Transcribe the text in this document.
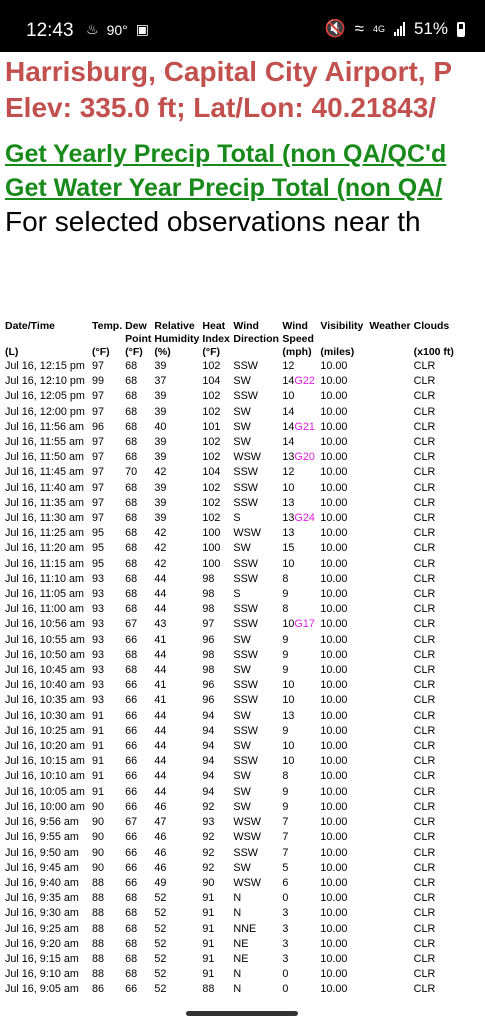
12:43 ♨ 90° ▣	🔇 ≈ 4G 51%
Harrisburg, Capital City Airport, P
Elev: 335.0 ft; Lat/Lon: 40.21843/
Get Yearly Precip Total (non QA/QC'd
Get Water Year Precip Total (non QA/
For selected observations near th
Date/Time	Temp.	Dew Point	Relative Humidity	Heat Index	Wind Direction	Wind Speed	Visibility	Weather	Clouds
(L)	(°F)	(°F)	(%)	(°F)		(mph)	(miles)		(x100 ft)
Jul 16, 12:15 pm	97	68	39	102	SSW	12	10.00		CLR
Jul 16, 12:10 pm	99	68	37	104	SW	14G22	10.00		CLR
Jul 16, 12:05 pm	97	68	39	102	SSW	10	10.00		CLR
Jul 16, 12:00 pm	97	68	39	102	SW	14	10.00		CLR
Jul 16, 11:56 am	96	68	40	101	SW	14G21	10.00		CLR
Jul 16, 11:55 am	97	68	39	102	SW	14	10.00		CLR
Jul 16, 11:50 am	97	68	39	102	WSW	13G20	10.00		CLR
Jul 16, 11:45 am	97	70	42	104	SSW	12	10.00		CLR
Jul 16, 11:40 am	97	68	39	102	SSW	10	10.00		CLR
Jul 16, 11:35 am	97	68	39	102	SSW	13	10.00		CLR
Jul 16, 11:30 am	97	68	39	102	S	13G24	10.00		CLR
Jul 16, 11:25 am	95	68	42	100	WSW	13	10.00		CLR
Jul 16, 11:20 am	95	68	42	100	SW	15	10.00		CLR
Jul 16, 11:15 am	95	68	42	100	SSW	10	10.00		CLR
Jul 16, 11:10 am	93	68	44	98	SSW	8	10.00		CLR
Jul 16, 11:05 am	93	68	44	98	S	9	10.00		CLR
Jul 16, 11:00 am	93	68	44	98	SSW	8	10.00		CLR
Jul 16, 10:56 am	93	67	43	97	SSW	10G17	10.00		CLR
Jul 16, 10:55 am	93	66	41	96	SW	9	10.00		CLR
Jul 16, 10:50 am	93	68	44	98	SSW	9	10.00		CLR
Jul 16, 10:45 am	93	68	44	98	SW	9	10.00		CLR
Jul 16, 10:40 am	93	66	41	96	SSW	10	10.00		CLR
Jul 16, 10:35 am	93	66	41	96	SSW	10	10.00		CLR
Jul 16, 10:30 am	91	66	44	94	SW	13	10.00		CLR
Jul 16, 10:25 am	91	66	44	94	SSW	9	10.00		CLR
Jul 16, 10:20 am	91	66	44	94	SW	10	10.00		CLR
Jul 16, 10:15 am	91	66	44	94	SSW	10	10.00		CLR
Jul 16, 10:10 am	91	66	44	94	SW	8	10.00		CLR
Jul 16, 10:05 am	91	66	44	94	SW	9	10.00		CLR
Jul 16, 10:00 am	90	66	46	92	SW	9	10.00		CLR
Jul 16, 9:56 am	90	67	47	93	WSW	7	10.00		CLR
Jul 16, 9:55 am	90	66	46	92	WSW	7	10.00		CLR
Jul 16, 9:50 am	90	66	46	92	SSW	7	10.00		CLR
Jul 16, 9:45 am	90	66	46	92	SW	5	10.00		CLR
Jul 16, 9:40 am	88	66	49	90	WSW	6	10.00		CLR
Jul 16, 9:35 am	88	68	52	91	N	0	10.00		CLR
Jul 16, 9:30 am	88	68	52	91	N	3	10.00		CLR
Jul 16, 9:25 am	88	68	52	91	NNE	3	10.00		CLR
Jul 16, 9:20 am	88	68	52	91	NE	3	10.00		CLR
Jul 16, 9:15 am	88	68	52	91	NE	3	10.00		CLR
Jul 16, 9:10 am	88	68	52	91	N	0	10.00		CLR
Jul 16, 9:05 am	86	66	52	88	N	0	10.00		CLR
